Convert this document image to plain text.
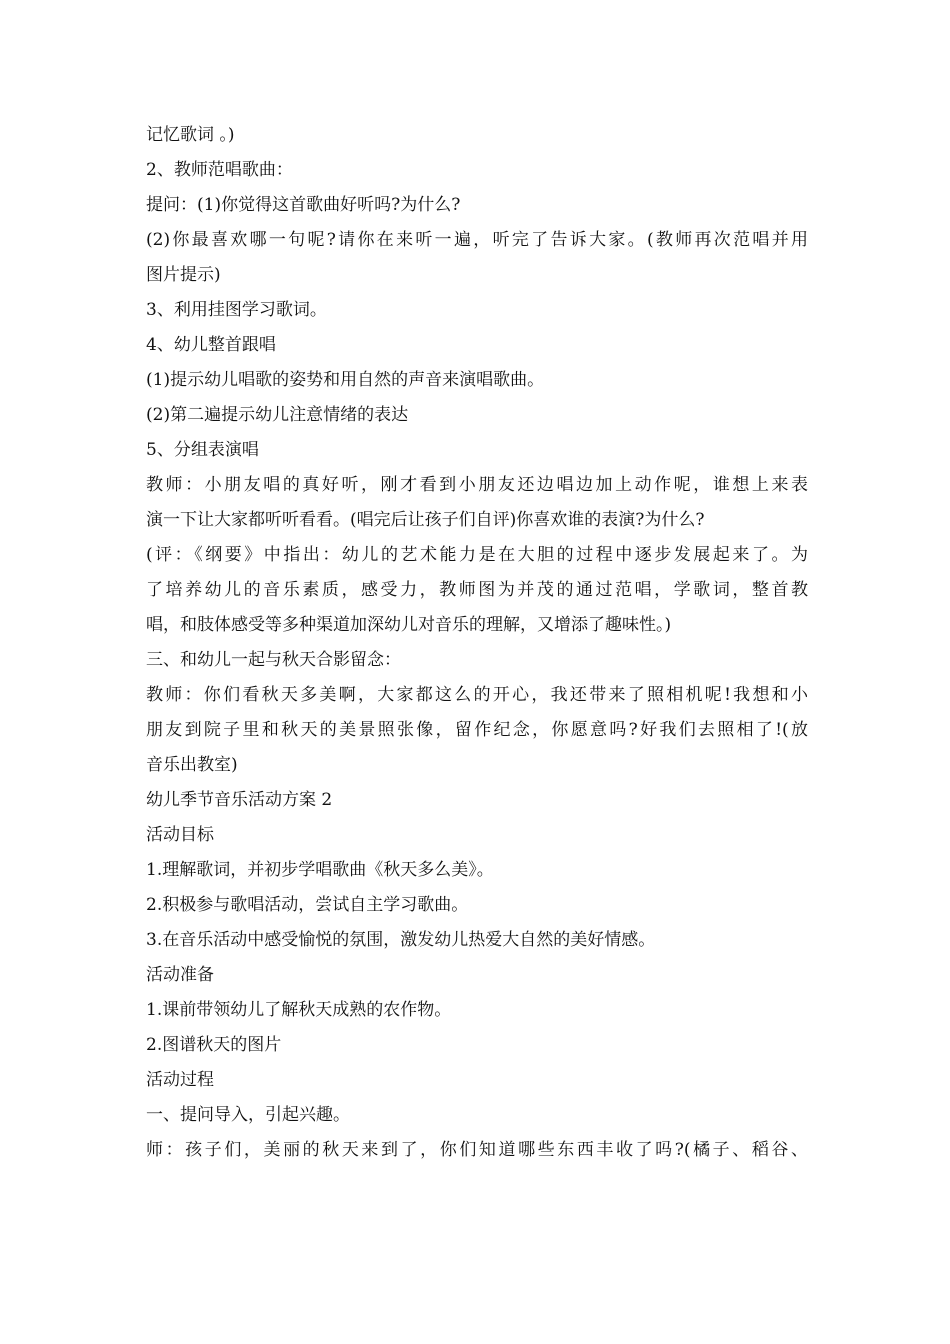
记忆歌词 。)
2、教师范唱歌曲：
提问：(1)你觉得这首歌曲好听吗?为什么?
(2)你最喜欢哪一句呢?请你在来听一遍，听完了告诉大家。(教师再次范唱并用
图片提示)
3、利用挂图学习歌词。
4、幼儿整首跟唱
(1)提示幼儿唱歌的姿势和用自然的声音来演唱歌曲。
(2)第二遍提示幼儿注意情绪的表达
5、分组表演唱
教师：小朋友唱的真好听，刚才看到小朋友还边唱边加上动作呢，谁想上来表
演一下让大家都听听看看。(唱完后让孩子们自评)你喜欢谁的表演?为什么?
(评：《纲要》中指出：幼儿的艺术能力是在大胆的过程中逐步发展起来了。为
了培养幼儿的音乐素质，感受力，教师图为并茂的通过范唱，学歌词，整首教
唱，和肢体感受等多种渠道加深幼儿对音乐的理解，又增添了趣味性。)
三、和幼儿一起与秋天合影留念：
教师：你们看秋天多美啊，大家都这么的开心，我还带来了照相机呢!我想和小
朋友到院子里和秋天的美景照张像，留作纪念，你愿意吗?好我们去照相了!(放
音乐出教室)
幼儿季节音乐活动方案 2
活动目标
1.理解歌词，并初步学唱歌曲《秋天多么美》。
2.积极参与歌唱活动，尝试自主学习歌曲。
3.在音乐活动中感受愉悦的氛围，激发幼儿热爱大自然的美好情感。
活动准备
1.课前带领幼儿了解秋天成熟的农作物。
2.图谱秋天的图片
活动过程
一、提问导入，引起兴趣。
师：孩子们，美丽的秋天来到了，你们知道哪些东西丰收了吗?(橘子、稻谷、
